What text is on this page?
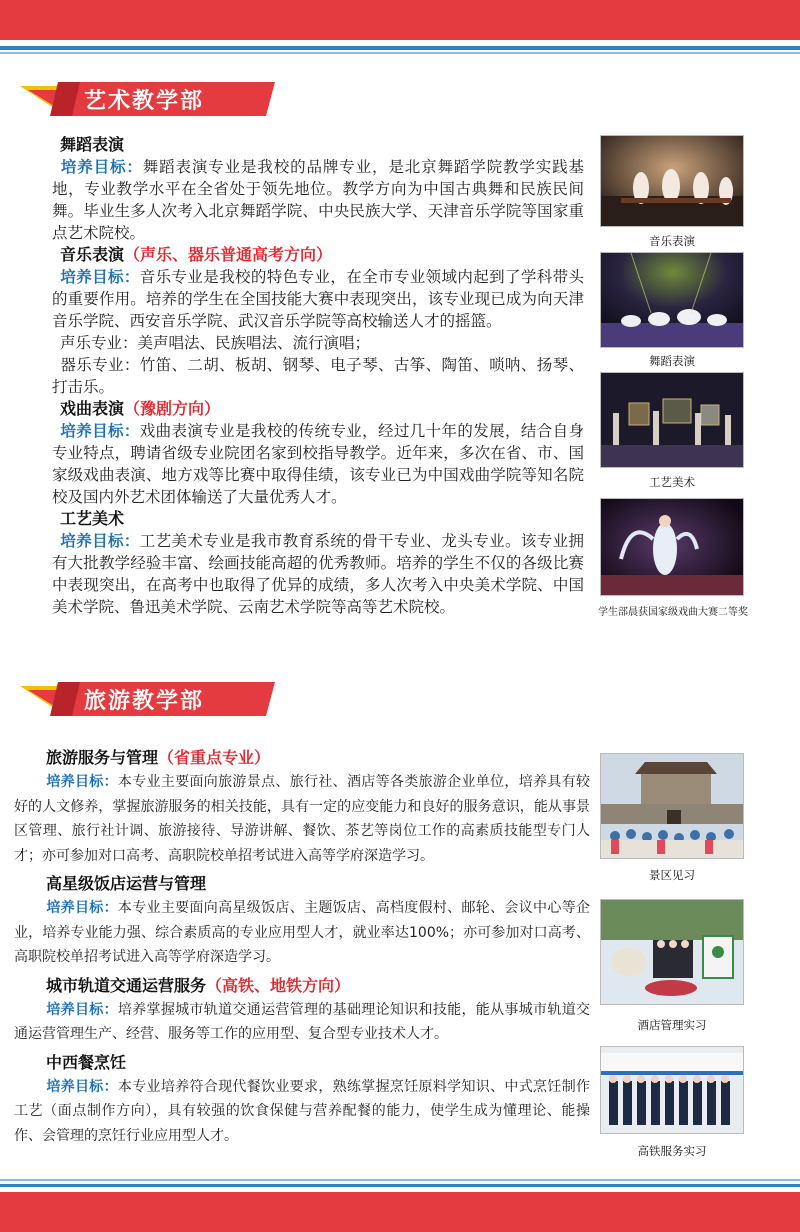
艺术教学部
舞蹈表演
培养目标：舞蹈表演专业是我校的品牌专业，是北京舞蹈学院教学实践基地，专业教学水平在全省处于领先地位。教学方向为中国古典舞和民族民间舞。毕业生多人次考入北京舞蹈学院、中央民族大学、天津音乐学院等国家重点艺术院校。
音乐表演（声乐、器乐普通高考方向）
培养目标：音乐专业是我校的特色专业，在全市专业领域内起到了学科带头的重要作用。培养的学生在全国技能大赛中表现突出，该专业现已成为向天津音乐学院、西安音乐学院、武汉音乐学院等高校输送人才的摇篮。
声乐专业：美声唱法、民族唱法、流行演唱；
器乐专业：竹笛、二胡、板胡、钢琴、电子琴、古筝、陶笛、唢呐、扬琴、打击乐。
戏曲表演（豫剧方向）
培养目标：戏曲表演专业是我校的传统专业，经过几十年的发展，结合自身专业特点，聘请省级专业院团名家到校指导教学。近年来，多次在省、市、国家级戏曲表演、地方戏等比赛中取得佳绩，该专业已为中国戏曲学院等知名院校及国内外艺术团体输送了大量优秀人才。
工艺美术
培养目标：工艺美术专业是我市教育系统的骨干专业、龙头专业。该专业拥有大批教学经验丰富、绘画技能高超的优秀教师。培养的学生不仅的各级比赛中表现突出，在高考中也取得了优异的成绩，多人次考入中央美术学院、中国美术学院、鲁迅美术学院、云南艺术学院等高等艺术院校。
音乐表演
舞蹈表演
工艺美术
学生部晨获国家级戏曲大赛二等奖
旅游教学部
旅游服务与管理（省重点专业）
培养目标：本专业主要面向旅游景点、旅行社、酒店等各类旅游企业单位，培养具有较好的人文修养，掌握旅游服务的相关技能，具有一定的应变能力和良好的服务意识，能从事景区管理、旅行社计调、旅游接待、导游讲解、餐饮、茶艺等岗位工作的高素质技能型专门人才；亦可参加对口高考、高职院校单招考试进入高等学府深造学习。
高星级饭店运营与管理
培养目标：本专业主要面向高星级饭店、主题饭店、高档度假村、邮轮、会议中心等企业，培养专业能力强、综合素质高的专业应用型人才，就业率达100%；亦可参加对口高考、高职院校单招考试进入高等学府深造学习。
城市轨道交通运营服务（高铁、地铁方向）
培养目标：培养掌握城市轨道交通运营管理的基础理论知识和技能，能从事城市轨道交通运营管理生产、经营、服务等工作的应用型、复合型专业技术人才。
中西餐烹饪
培养目标：本专业培养符合现代餐饮业要求，熟练掌握烹饪原料学知识、中式烹饪制作工艺（面点制作方向），具有较强的饮食保健与营养配餐的能力，使学生成为懂理论、能操作、会管理的烹饪行业应用型人才。
景区见习
酒店管理实习
高铁服务实习
